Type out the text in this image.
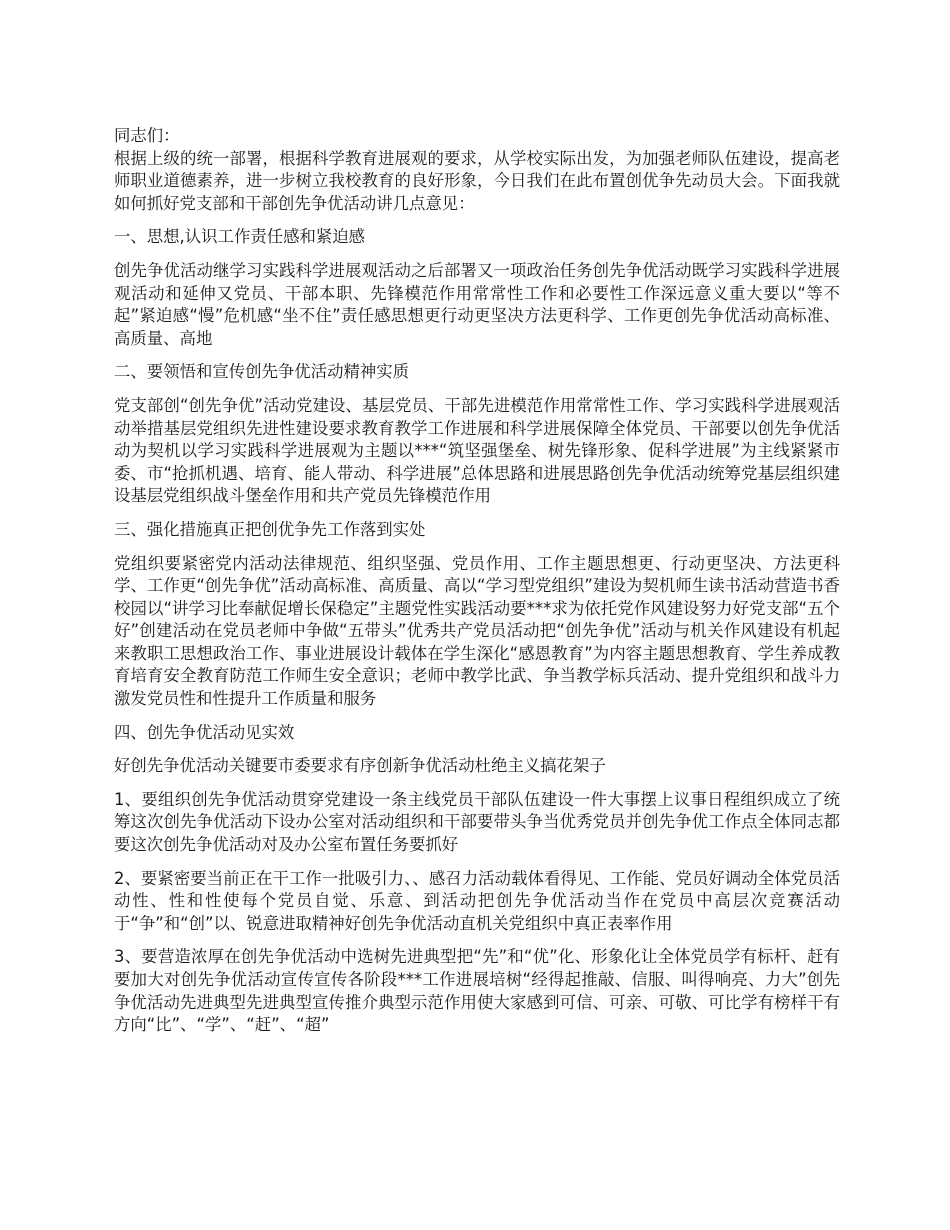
同志们：

根据上级的统一部署，根据科学教育进展观的要求，从学校实际出发，为加强老师队伍建设，提高老师职业道德素养，进一步树立我校教育的良好形象，今日我们在此布置创优争先动员大会。下面我就如何抓好党支部和干部创先争优活动讲几点意见：

一、思想,认识工作责任感和紧迫感

创先争优活动继学习实践科学进展观活动之后部署又一项政治任务创先争优活动既学习实践科学进展观活动和延伸又党员、干部本职、先锋模范作用常常性工作和必要性工作深远意义重大要以“等不起”紧迫感“慢”危机感“坐不住”责任感思想更行动更坚决方法更科学、工作更创先争优活动高标准、高质量、高地

二、要领悟和宣传创先争优活动精神实质

党支部创“创先争优”活动党建设、基层党员、干部先进模范作用常常性工作、学习实践科学进展观活动举措基层党组织先进性建设要求教育教学工作进展和科学进展保障全体党员、干部要以创先争优活动为契机以学习实践科学进展观为主题以***“筑坚强堡垒、树先锋形象、促科学进展”为主线紧紧市委、市“抢抓机遇、培育、能人带动、科学进展”总体思路和进展思路创先争优活动统筹党基层组织建设基层党组织战斗堡垒作用和共产党员先锋模范作用

三、强化措施真正把创优争先工作落到实处

党组织要紧密党内活动法律规范、组织坚强、党员作用、工作主题思想更、行动更坚决、方法更科学、工作更“创先争优”活动高标准、高质量、高以“学习型党组织”建设为契机师生读书活动营造书香校园以“讲学习比奉献促增长保稳定”主题党性实践活动要***求为依托党作风建设努力好党支部“五个好”创建活动在党员老师中争做“五带头”优秀共产党员活动把“创先争优”活动与机关作风建设有机起来教职工思想政治工作、事业进展设计载体在学生深化“感恩教育”为内容主题思想教育、学生养成教育培育安全教育防范工作师生安全意识；老师中教学比武、争当教学标兵活动、提升党组织和战斗力激发党员性和性提升工作质量和服务

四、创先争优活动见实效

好创先争优活动关键要市委要求有序创新争优活动杜绝主义搞花架子

1、要组织创先争优活动贯穿党建设一条主线党员干部队伍建设一件大事摆上议事日程组织成立了统筹这次创先争优活动下设办公室对活动组织和干部要带头争当优秀党员并创先争优工作点全体同志都要这次创先争优活动对及办公室布置任务要抓好

2、要紧密要当前正在干工作一批吸引力、、感召力活动载体看得见、工作能、党员好调动全体党员活动性、性和性使每个党员自觉、乐意、到活动把创先争优活动当作在党员中高层次竞赛活动于“争”和“创”以、锐意进取精神好创先争优活动直机关党组织中真正表率作用

3、要营造浓厚在创先争优活动中选树先进典型把“先”和“优”化、形象化让全体党员学有标杆、赶有要加大对创先争优活动宣传宣传各阶段***工作进展培树“经得起推敲、信服、叫得响亮、力大”创先争优活动先进典型先进典型宣传推介典型示范作用使大家感到可信、可亲、可敬、可比学有榜样干有方向“比”、“学”、“赶”、“超”
